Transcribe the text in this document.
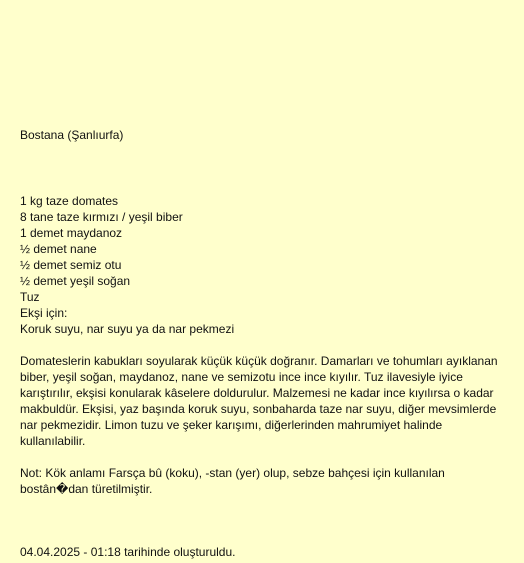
Bostana (Şanlıurfa)
1 kg taze domates
8 tane taze kırmızı / yeşil biber
1 demet maydanoz
½ demet nane
½ demet semiz otu
½ demet yeşil soğan
Tuz
Ekşi için:
Koruk suyu, nar suyu ya da nar pekmezi

Domateslerin kabukları soyularak küçük küçük doğranır. Damarları ve tohumları ayıklanan biber, yeşil soğan, maydanoz, nane ve semizotu ince ince kıyılır. Tuz ilavesiyle iyice karıştırılır, ekşisi konularak kâselere doldurulur. Malzemesi ne kadar ince kıyılırsa o kadar makbuldür. Ekşisi, yaz başında koruk suyu, sonbaharda taze nar suyu, diğer mevsimlerde nar pekmezidir. Limon tuzu ve şeker karışımı, diğerlerinden mahrumiyet halinde kullanılabilir.

Not: Kök anlamı Farsça bû (koku), -stan (yer) olup, sebze bahçesi için kullanılan bostân�dan türetilmiştir.

04.04.2025 - 01:18 tarihinde oluşturuldu.
